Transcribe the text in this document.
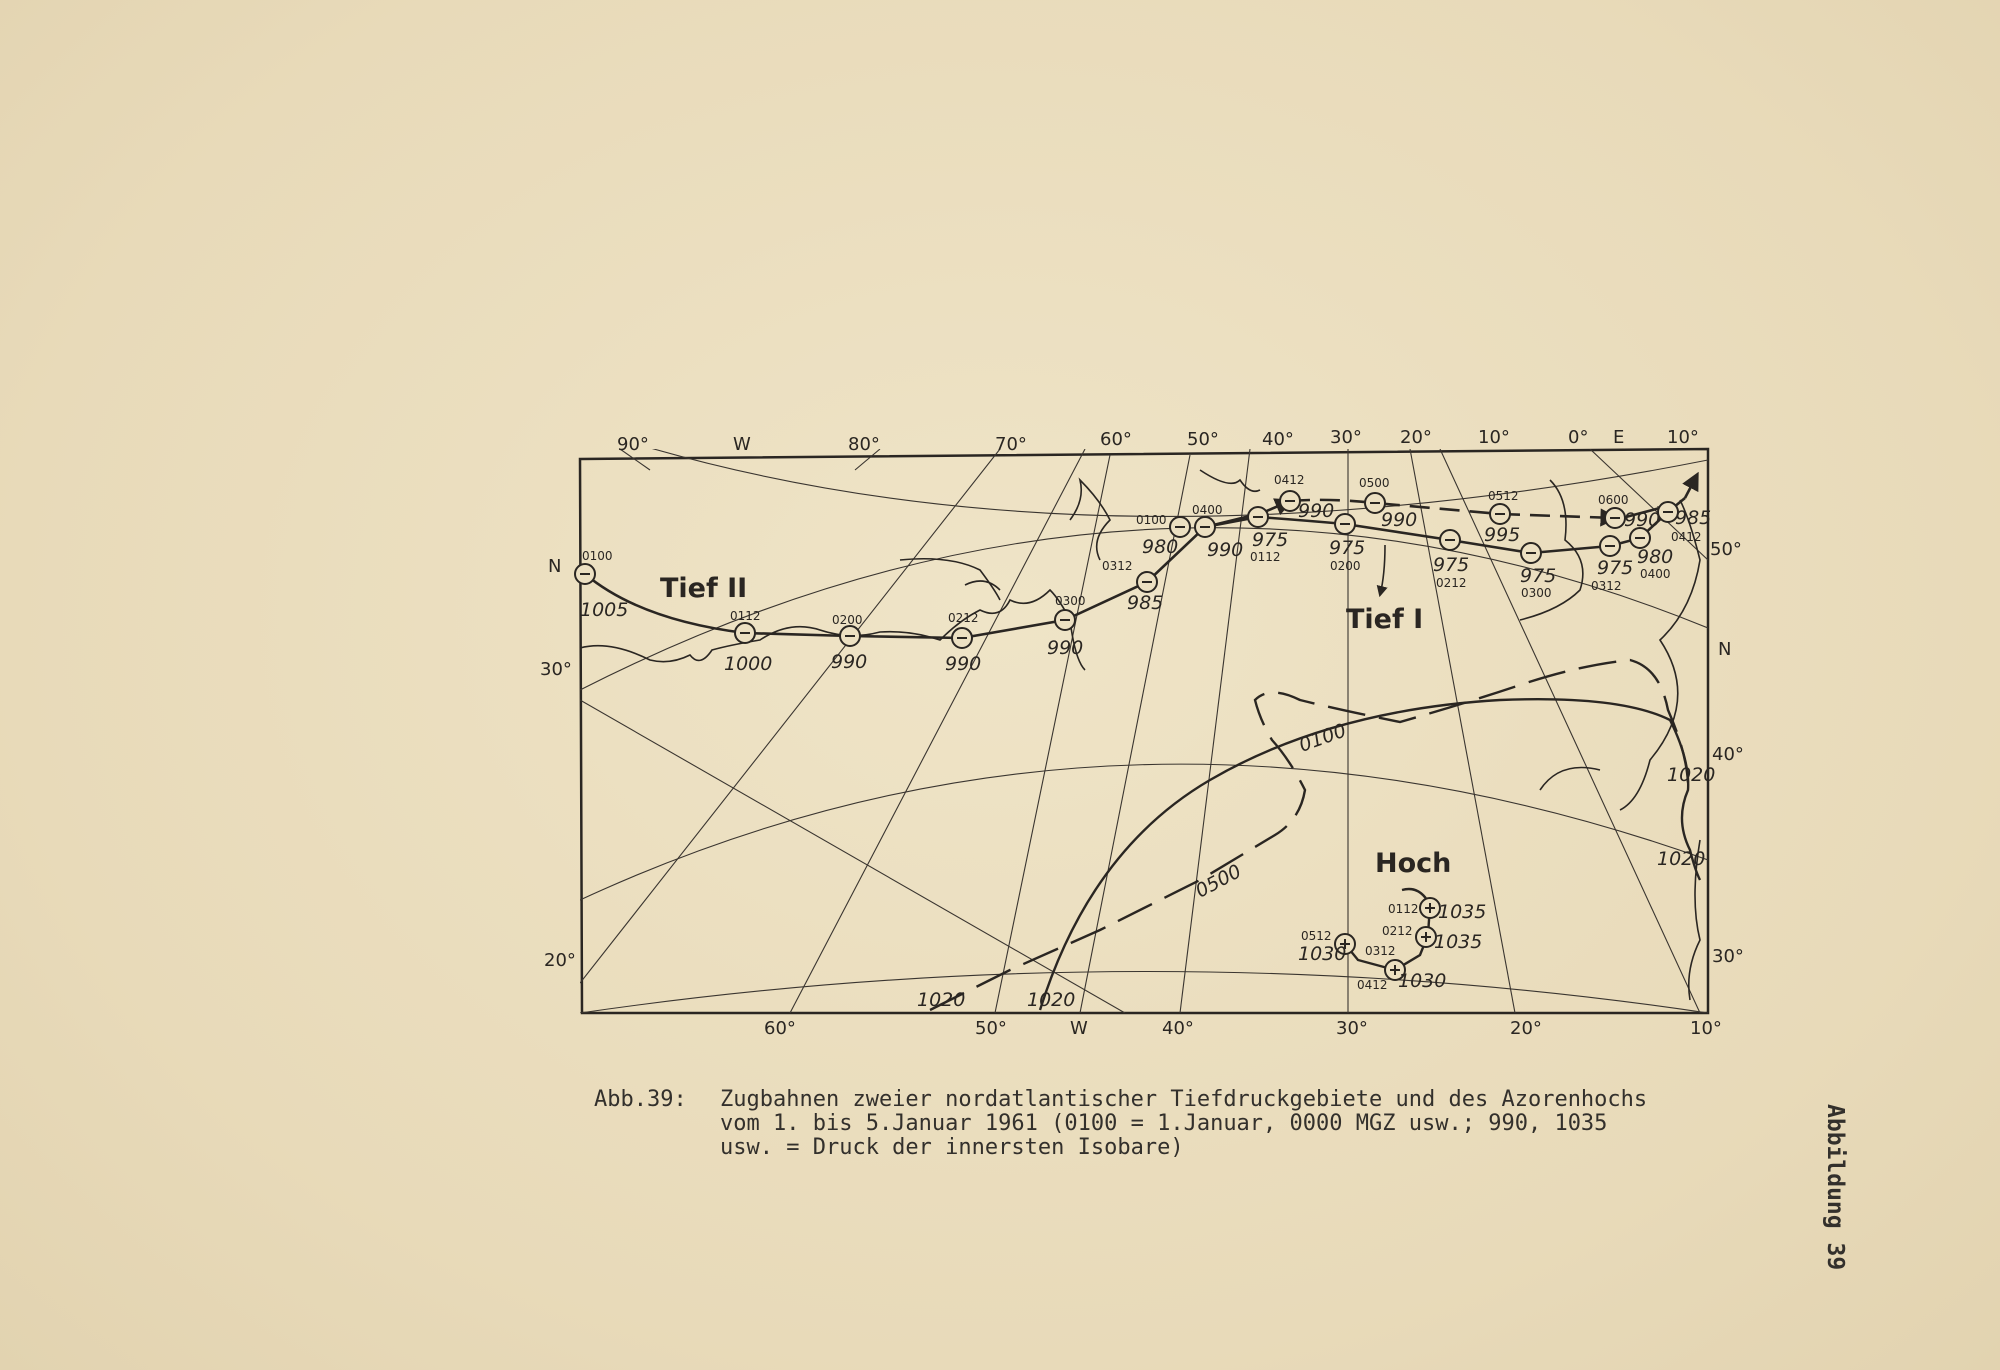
Tief II
Tief I
Hoch
0100
0500
1020	1020
1020
1020
90°	W	80°	70°	60°	50° 40° 30° 20°	10°	0° E 10°
60°	50°	W	40°	30°	20°	10°
N
30°
20°
50°
N
40°
30°
0100
1005	0112
1000
0200
990
0212
990
0300
990
0312
985
0400
990
0412
990
0500
990
0512
995
0600
990
0100
980	0112
975
0200
975
0212
975
0300
975	0312
975 0400
980
0412
985
0112 1035
0212 1035
0312
0412 1030
0512
1030
Abb.39: Zugbahnen zweier nordatlantischer Tiefdruckgebiete und des Azorenhochs vom 1. bis 5.Januar 1961 (0100 = 1.Januar, 0000 MGZ usw.; 990, 1035 usw. = Druck der innersten Isobare)	Abbildung 39
